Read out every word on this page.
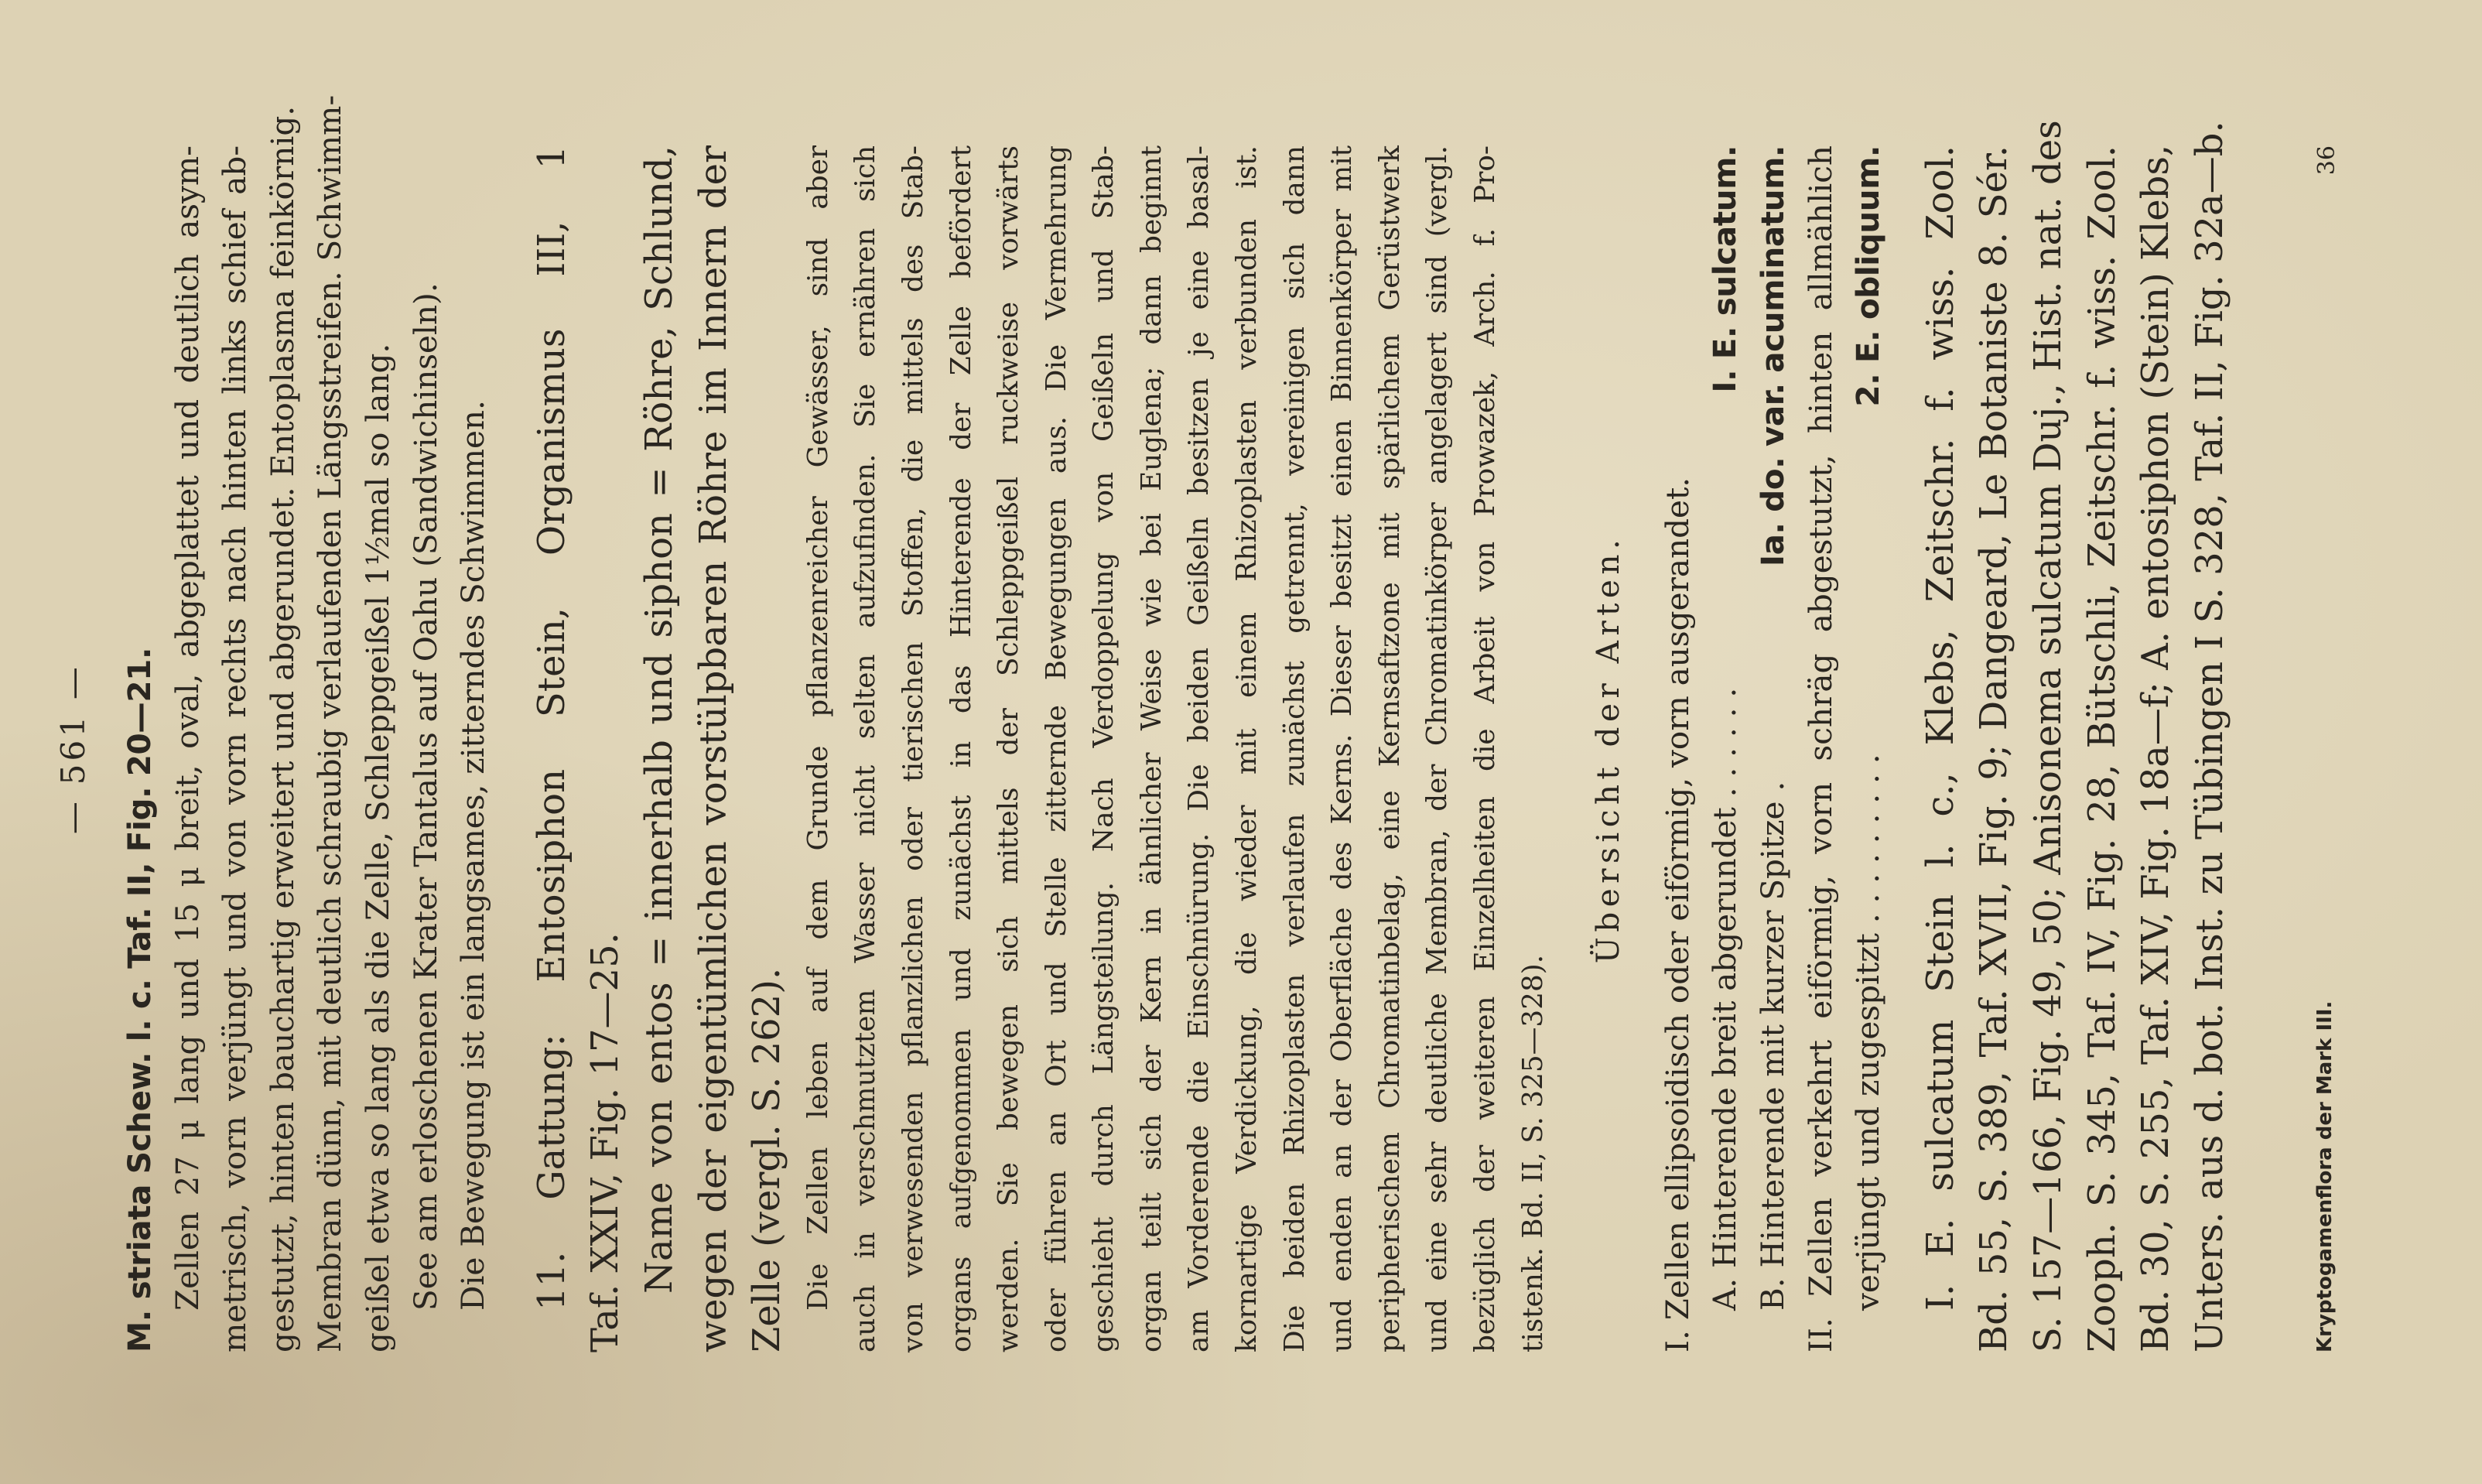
— 561 — M. striata Schew. l. c. Taf. II, Fig. 20—21. Zellen 27 μ lang und 15 μ breit, oval, abgeplattet und deutlich asym- metrisch, vorn verjüngt und von vorn rechts nach hinten links schief ab- gestutzt, hinten bauchartig erweitert und abgerundet. Entoplasma feinkörnig. Membran dünn, mit deutlich schraubig verlaufenden Längsstreifen. Schwimm- geißel etwa so lang als die Zelle, Schleppgeißel 1½mal so lang. See am erloschenen Krater Tantalus auf Oahu (Sandwichinseln). Die Bewegung ist ein langsames, zitterndes Schwimmen. 11. Gattung: Entosiphon Stein, Organismus III, 1 Taf. XXIV, Fig. 17—25. Name von entos = innerhalb und siphon = Röhre, Schlund, wegen der eigentümlichen vorstülpbaren Röhre im Innern der Zelle (vergl. S. 262). Die Zellen leben auf dem Grunde pflanzenreicher Gewässer, sind aber auch in verschmutztem Wasser nicht selten aufzufinden. Sie ernähren sich von verwesenden pflanzlichen oder tierischen Stoffen, die mittels des Stab- organs aufgenommen und zunächst in das Hinterende der Zelle befördert werden. Sie bewegen sich mittels der Schleppgeißel ruckweise vorwärts oder führen an Ort und Stelle zitternde Bewegungen aus. Die Vermehrung geschieht durch Längsteilung. Nach Verdoppelung von Geißeln und Stab- organ teilt sich der Kern in ähnlicher Weise wie bei Euglena; dann beginnt am Vorderende die Einschnürung. Die beiden Geißeln besitzen je eine basal- kornartige Verdickung, die wieder mit einem Rhizoplasten verbunden ist. Die beiden Rhizoplasten verlaufen zunächst getrennt, vereinigen sich dann und enden an der Oberfläche des Kerns. Dieser besitzt einen Binnenkörper mit peripherischem Chromatinbelag, eine Kernsaftzone mit spärlichem Gerüstwerk und eine sehr deutliche Membran, der Chromatinkörper angelagert sind (vergl. bezüglich der weiteren Einzelheiten die Arbeit von Prowazek, Arch. f. Pro- tistenk. Bd. II, S. 325—328).
Übersicht der Arten. I. Zellen ellipsoidisch oder eiförmig, vorn ausgerandet. A. Hinterende breit abgerundet . . . . . .
I. E. sulcatum.
B. Hinterende mit kurzer Spitze .
Ia. do. var. acuminatum. II. Zellen verkehrt eiförmig, vorn schräg abgestutzt, hinten allmählich verjüngt und zugespitzt . . . . . . . . .
2. E. obliquum. I. E. sulcatum Stein l. c., Klebs, Zeitschr. f. wiss. Zool. Bd. 55, S. 389, Taf. XVII, Fig. 9; Dangeard, Le Botaniste 8. Sér. S. 157—166, Fig. 49, 50; Anisonema sulcatum Duj., Hist. nat. des Zooph. S. 345, Taf. IV, Fig. 28, Bütschli, Zeitschr. f. wiss. Zool. Bd. 30, S. 255, Taf. XIV, Fig. 18a—f; A. entosiphon (Stein) Klebs, Unters. aus d. bot. Inst. zu Tübingen I S. 328, Taf. II, Fig. 32a—b.	Kryptogamenflora der Mark III.
36
